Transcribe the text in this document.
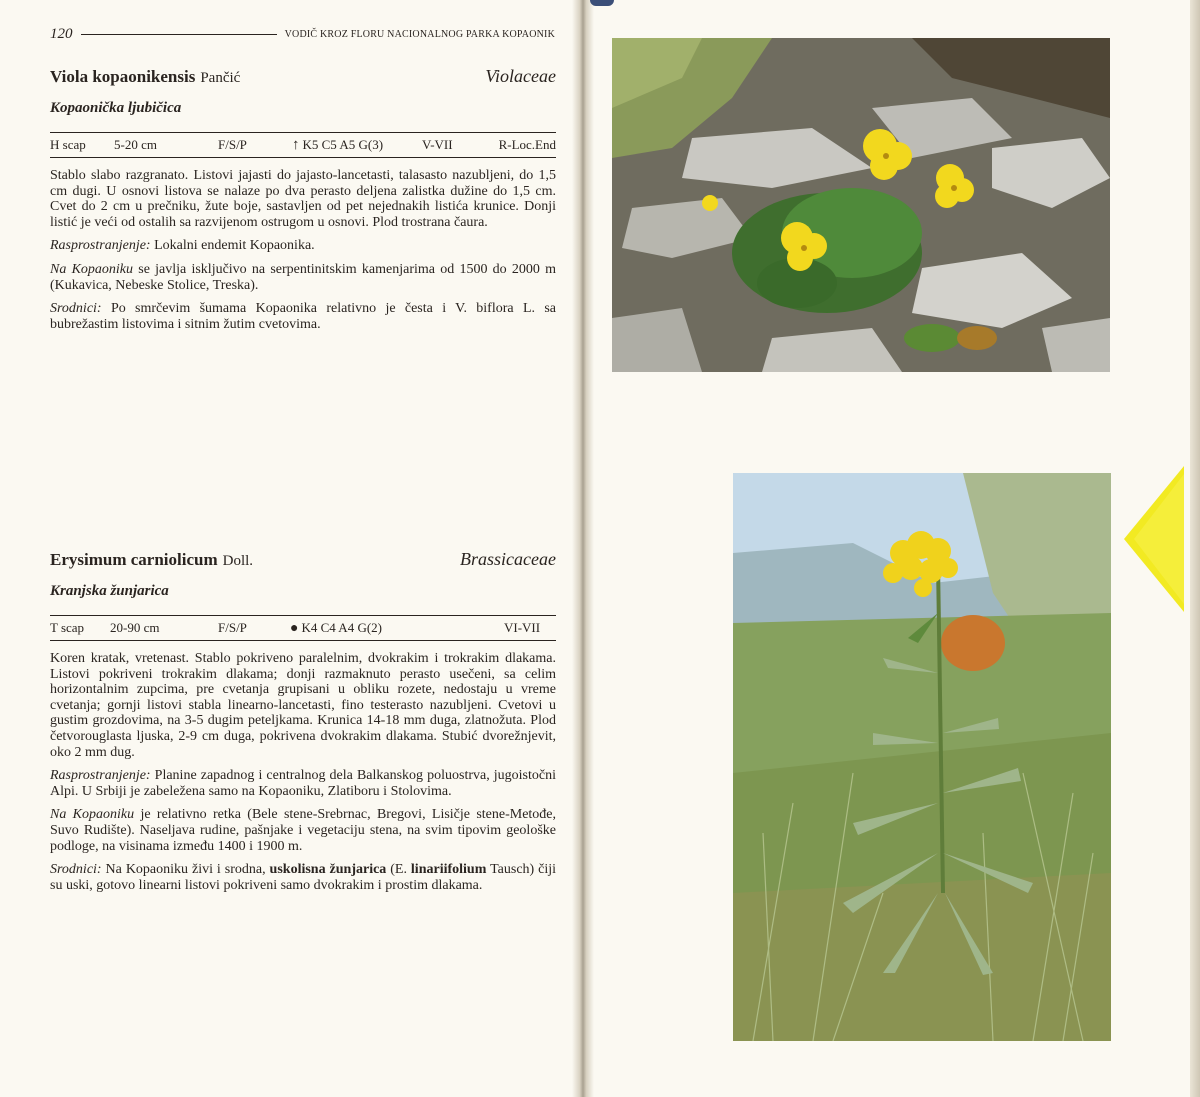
120	VODIČ KROZ FLORU NACIONALNOG PARKA KOPAONIK
Viola kopaonikensis Pančić	Violaceae
Kopaonička ljubičica
H scap	5-20 cm	F/S/P	↑ K5 C5 A5 G(3)	V-VII	R-Loc.End

Stablo slabo razgranato. Listovi jajasti do jajasto-lancetasti, talasasto nazubljeni, do 1,5 cm dugi. U osnovi listova se nalaze po dva perasto deljena zalistka dužine do 1,5 cm. Cvet do 2 cm u prečniku, žute boje, sastavljen od pet nejednakih listića krunice. Donji listić je veći od ostalih sa razvijenom ostrugom u osnovi. Plod trostrana čaura.

Rasprostranjenje: Lokalni endemit Kopaonika.

Na Kopaoniku se javlja isključivo na serpentinitskim kamenjarima od 1500 do 2000 m (Kukavica, Nebeske Stolice, Treska).

Srodnici: Po smrčevim šumama Kopaonika relativno je česta i V. biflora L. sa bubrežastim listovima i sitnim žutim cvetovima.

Erysimum carniolicum Doll.	Brassicaceae
Kranjska žunjarica
T scap	20-90 cm	F/S/P	● K4 C4 A4 G(2)	VI-VII

Koren kratak, vretenast. Stablo pokriveno paralelnim, dvokrakim i trokrakim dlakama. Listovi pokriveni trokrakim dlakama; donji razmaknuto perasto usečeni, sa celim horizontalnim zupcima, pre cvetanja grupisani u obliku rozete, nedostaju u vreme cvetanja; gornji listovi stabla linearno-lancetasti, fino testerasto nazubljeni. Cvetovi u gustim grozdovima, na 3-5 dugim peteljkama. Krunica 14-18 mm duga, zlatnožuta. Plod četvorouglasta ljuska, 2-9 cm duga, pokrivena dvokrakim dlakama. Stubić dvorežnjevit, oko 2 mm dug.

Rasprostranjenje: Planine zapadnog i centralnog dela Balkanskog poluostrva, jugoistočni Alpi. U Srbiji je zabeležena samo na Kopaoniku, Zlatiboru i Stolovima.

Na Kopaoniku je relativno retka (Bele stene-Srebrnac, Bregovi, Lisičje stene-Metođe, Suvo Rudište). Naseljava rudine, pašnjake i vegetaciju stena, na svim tipovim geološke podloge, na visinama između 1400 i 1900 m.

Srodnici: Na Kopaoniku živi i srodna, uskolisna žunjarica (E. linariifolium Tausch) čiji su uski, gotovo linearni listovi pokriveni samo dvokrakim i prostim dlakama.
